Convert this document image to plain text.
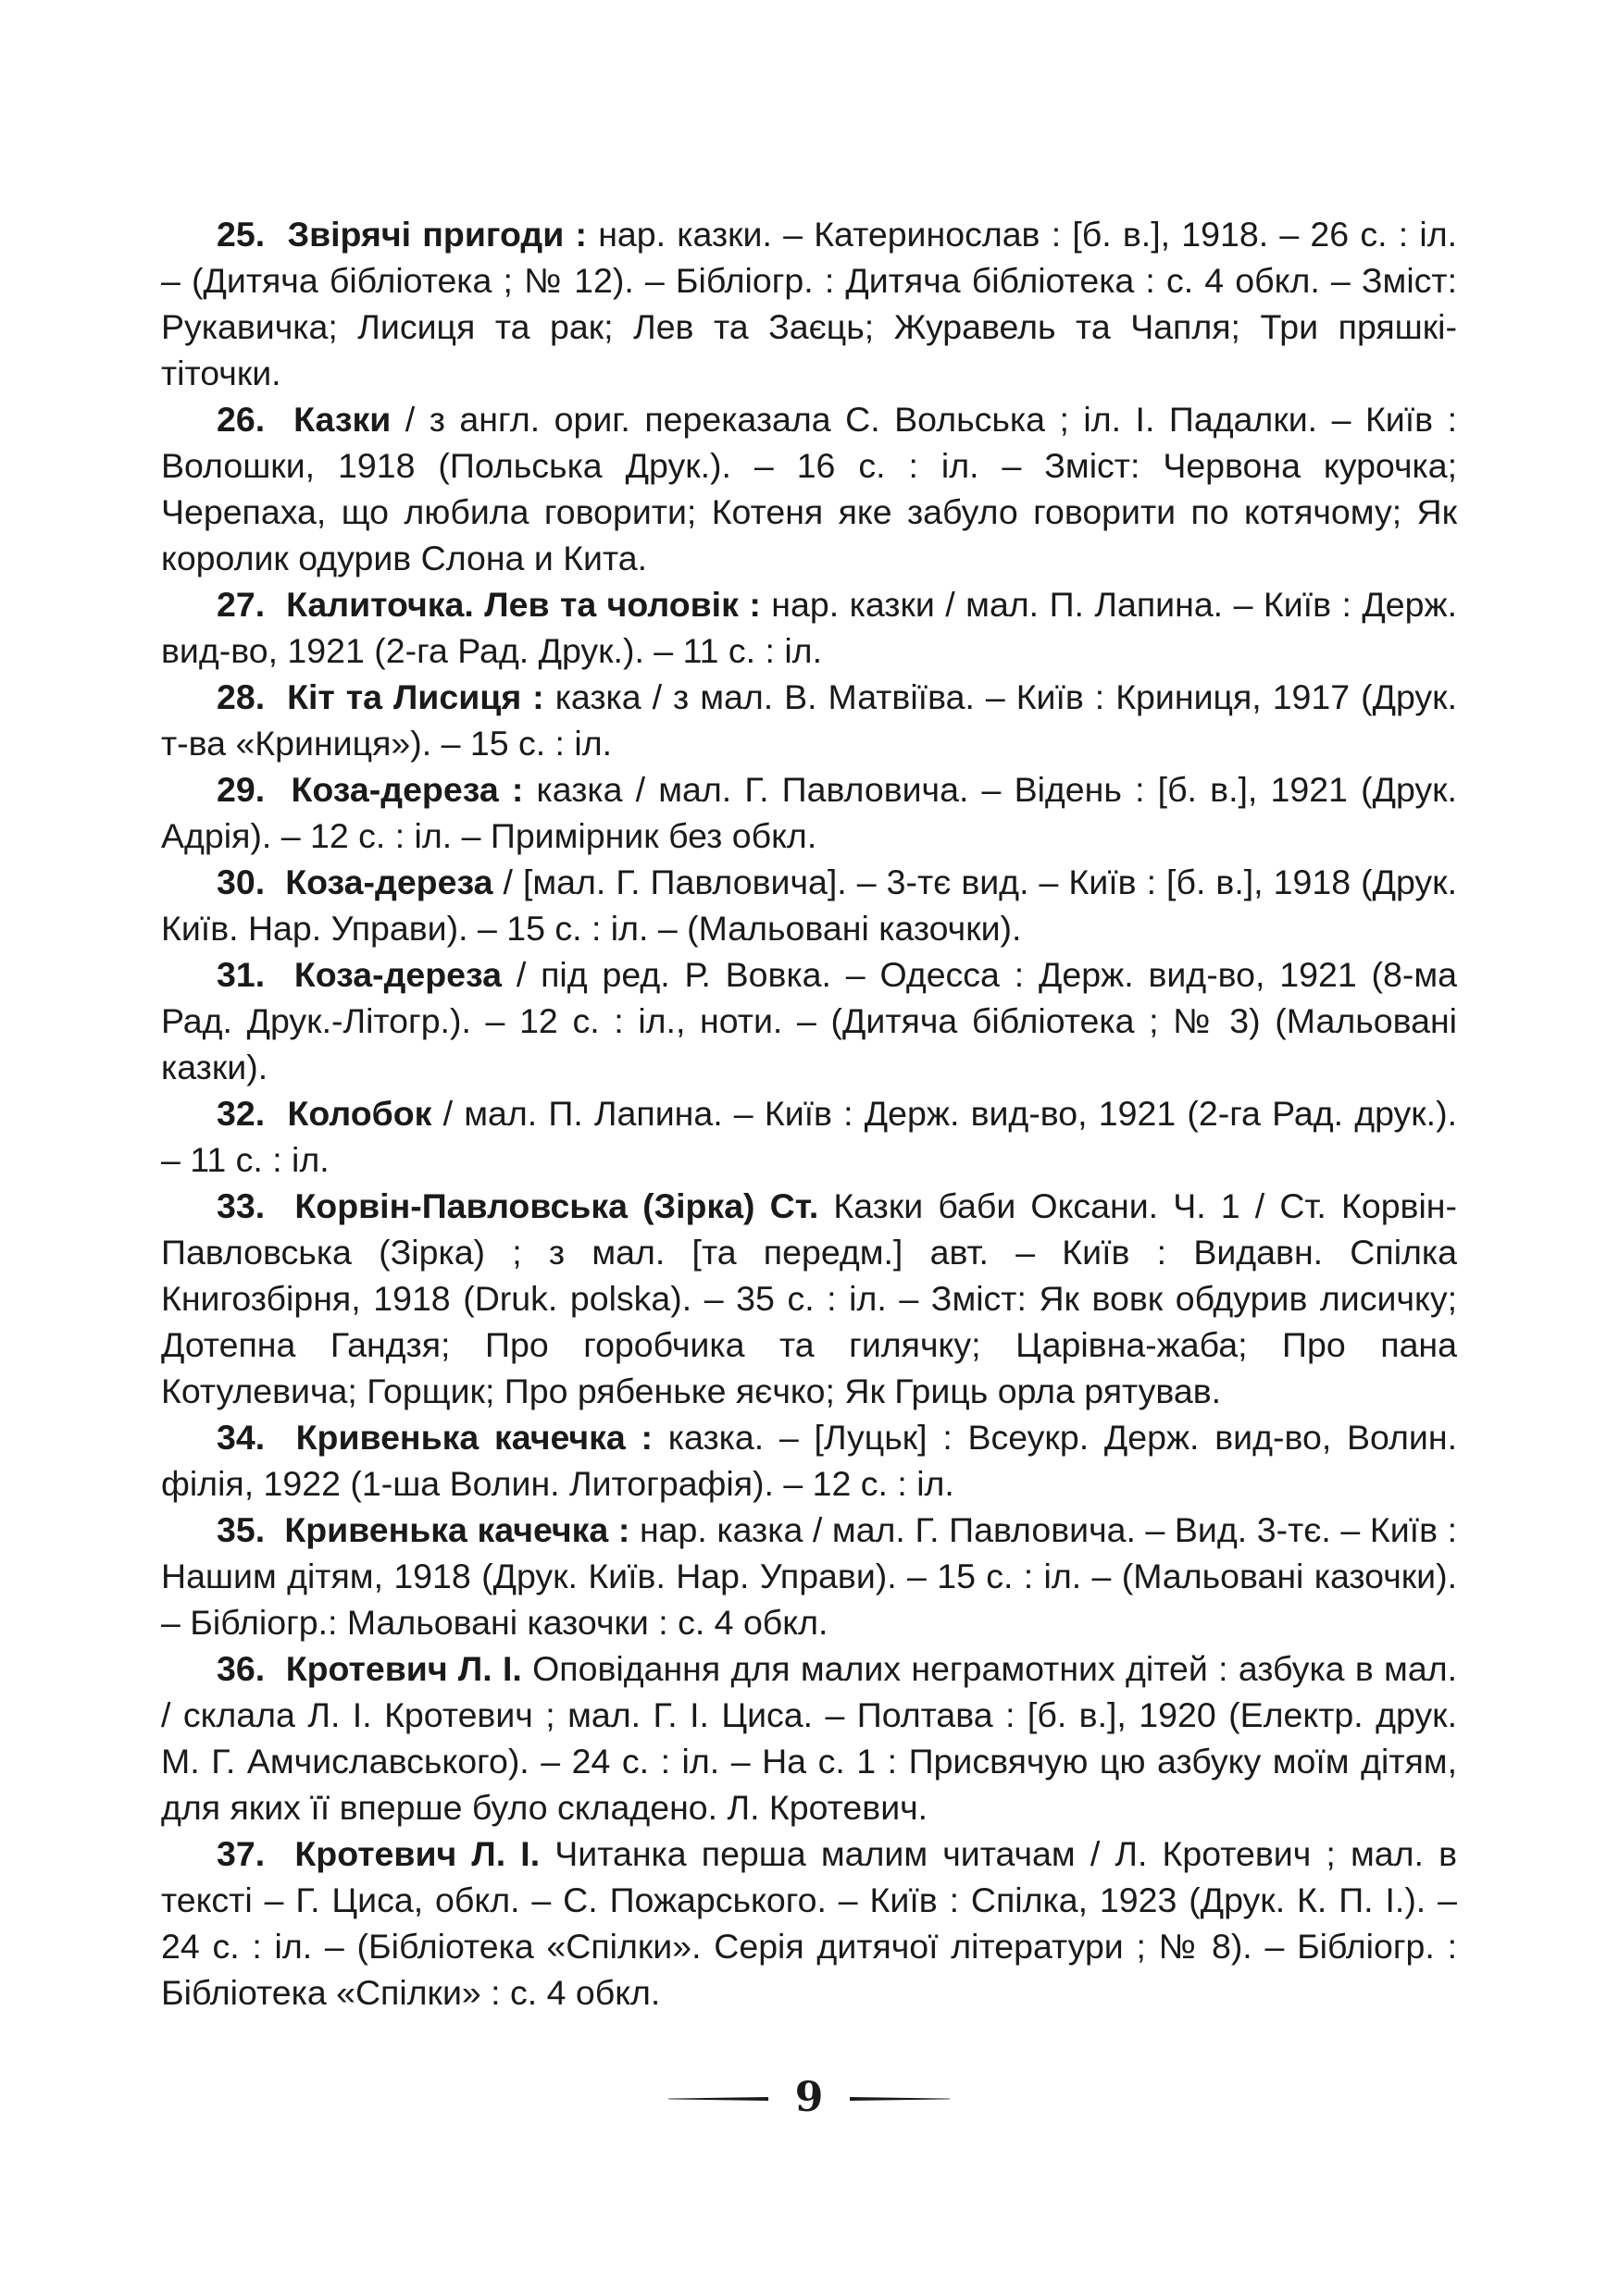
25. Звірячі пригоди : нар. казки. – Катеринослав : [б. в.], 1918. – 26 с. : іл. – (Дитяча бібліотека ; № 12). – Бібліогр. : Дитяча бібліотека : с. 4 обкл. – Зміст: Рукавичка; Лисиця та рак; Лев та Заєць; Журавель та Чапля; Три пряшкі-тіточки.

26. Казки / з англ. ориг. переказала С. Вольська ; іл. І. Падалки. – Київ : Волошки, 1918 (Польська Друк.). – 16 с. : іл. – Зміст: Червона курочка; Черепаха, що любила говорити; Котеня яке забуло говорити по котячому; Як королик одурив Слона и Кита.

27. Калиточка. Лев та чоловік : нар. казки / мал. П. Лапина. – Київ : Держ. вид-во, 1921 (2-га Рад. Друк.). – 11 с. : іл.

28. Кіт та Лисиця : казка / з мал. В. Матвіїва. – Київ : Криниця, 1917 (Друк. т-ва «Криниця»). – 15 с. : іл.

29. Коза-дереза : казка / мал. Г. Павловича. – Відень : [б. в.], 1921 (Друк. Адрія). – 12 с. : іл. – Примірник без обкл.

30. Коза-дереза / [мал. Г. Павловича]. – 3-тє вид. – Київ : [б. в.], 1918 (Друк. Київ. Нар. Управи). – 15 с. : іл. – (Мальовані казочки).

31. Коза-дереза / під ред. Р. Вовка. – Одесса : Держ. вид-во, 1921 (8-ма Рад. Друк.-Літогр.). – 12 с. : іл., ноти. – (Дитяча бібліотека ; № 3) (Мальовані казки).

32. Колобок / мал. П. Лапина. – Київ : Держ. вид-во, 1921 (2-га Рад. друк.). – 11 с. : іл.

33. Корвін-Павловська (Зірка) Ст. Казки баби Оксани. Ч. 1 / Ст. Корвін-Павловська (Зірка) ; з мал. [та передм.] авт. – Київ : Видавн. Спілка Книгозбірня, 1918 (Druk. polska). – 35 с. : іл. – Зміст: Як вовк обдурив лисичку; Дотепна Гандзя; Про горобчика та гилячку; Царівна-жаба; Про пана Котулевича; Горщик; Про рябеньке яєчко; Як Гриць орла рятував.

34. Кривенька качечка : казка. – [Луцьк] : Всеукр. Держ. вид-во, Волин. філія, 1922 (1-ша Волин. Литографія). – 12 с. : іл.

35. Кривенька качечка : нар. казка / мал. Г. Павловича. – Вид. 3-тє. – Київ : Нашим дітям, 1918 (Друк. Київ. Нар. Управи). – 15 с. : іл. – (Мальовані казочки). – Бібліогр.: Мальовані казочки : с. 4 обкл.

36. Кротевич Л. І. Оповідання для малих неграмотних дітей : азбука в мал. / склала Л. І. Кротевич ; мал. Г. І. Циса. – Полтава : [б. в.], 1920 (Електр. друк. М. Г. Амчиславського). – 24 с. : іл. – На с. 1 : Присвячую цю азбуку моїм дітям, для яких її вперше було складено. Л. Кротевич.

37. Кротевич Л. І. Читанка перша малим читачам / Л. Кротевич ; мал. в тексті – Г. Циса, обкл. – С. Пожарського. – Київ : Спілка, 1923 (Друк. К. П. І.). – 24 с. : іл. – (Бібліотека «Спілки». Серія дитячої літератури ; № 8). – Бібліогр. : Бібліотека «Спілки» : с. 4 обкл.

9
